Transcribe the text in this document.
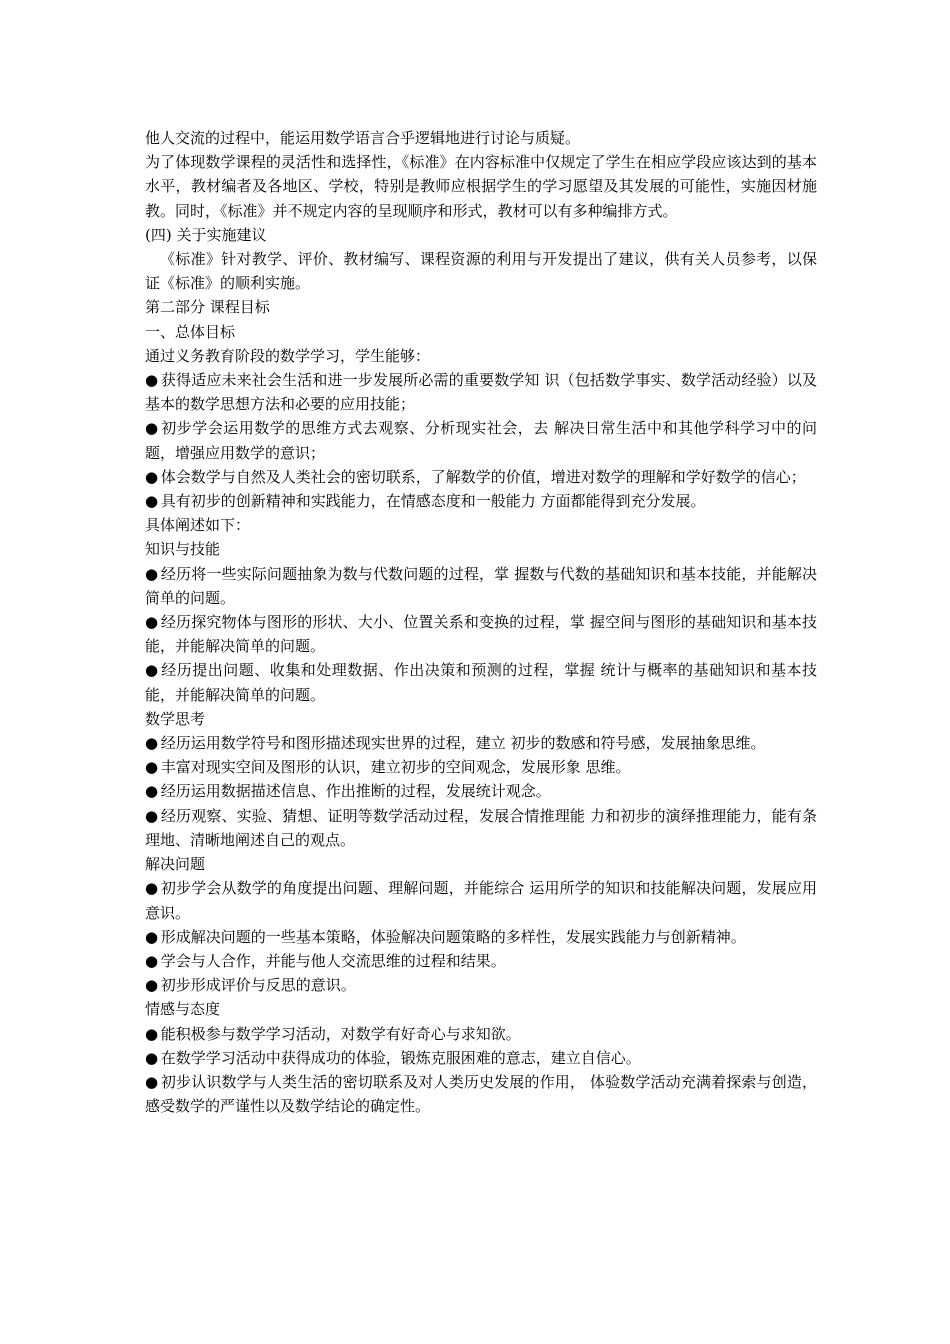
他人交流的过程中，能运用数学语言合乎逻辑地进行讨论与质疑。

为了体现数学课程的灵活性和选择性，《标准》在内容标准中仅规定了学生在相应学段应该达到的基本水平，教材编者及各地区、学校，特别是教师应根据学生的学习愿望及其发展的可能性，实施因材施教。同时，《标准》并不规定内容的呈现顺序和形式，教材可以有多种编排方式。

(四) 关于实施建议

《标准》针对教学、评价、教材编写、课程资源的利用与开发提出了建议，供有关人员参考，以保证《标准》的顺利实施。

第二部分 课程目标

一、总体目标

通过义务教育阶段的数学学习，学生能够：

● 获得适应未来社会生活和进一步发展所必需的重要数学知 识（包括数学事实、数学活动经验）以及基本的数学思想方法和必要的应用技能；

● 初步学会运用数学的思维方式去观察、分析现实社会，去 解决日常生活中和其他学科学习中的问题，增强应用数学的意识；

● 体会数学与自然及人类社会的密切联系，了解数学的价值，增进对数学的理解和学好数学的信心；

● 具有初步的创新精神和实践能力，在情感态度和一般能力 方面都能得到充分发展。

具体阐述如下：

知识与技能

● 经历将一些实际问题抽象为数与代数问题的过程，掌 握数与代数的基础知识和基本技能，并能解决简单的问题。

● 经历探究物体与图形的形状、大小、位置关系和变换的过程，掌 握空间与图形的基础知识和基本技能，并能解决简单的问题。

● 经历提出问题、收集和处理数据、作出决策和预测的过程，掌握 统计与概率的基础知识和基本技能，并能解决简单的问题。

数学思考

● 经历运用数学符号和图形描述现实世界的过程，建立 初步的数感和符号感，发展抽象思维。

● 丰富对现实空间及图形的认识，建立初步的空间观念，发展形象 思维。

● 经历运用数据描述信息、作出推断的过程，发展统计观念。

● 经历观察、实验、猜想、证明等数学活动过程，发展合情推理能 力和初步的演绎推理能力，能有条理地、清晰地阐述自己的观点。

解决问题

● 初步学会从数学的角度提出问题、理解问题，并能综合 运用所学的知识和技能解决问题，发展应用意识。

● 形成解决问题的一些基本策略，体验解决问题策略的多样性，发展实践能力与创新精神。

● 学会与人合作，并能与他人交流思维的过程和结果。

● 初步形成评价与反思的意识。

情感与态度

● 能积极参与数学学习活动，对数学有好奇心与求知欲。

● 在数学学习活动中获得成功的体验，锻炼克服困难的意志，建立自信心。

● 初步认识数学与人类生活的密切联系及对人类历史发展的作用， 体验数学活动充满着探索与创造，感受数学的严谨性以及数学结论的确定性。
